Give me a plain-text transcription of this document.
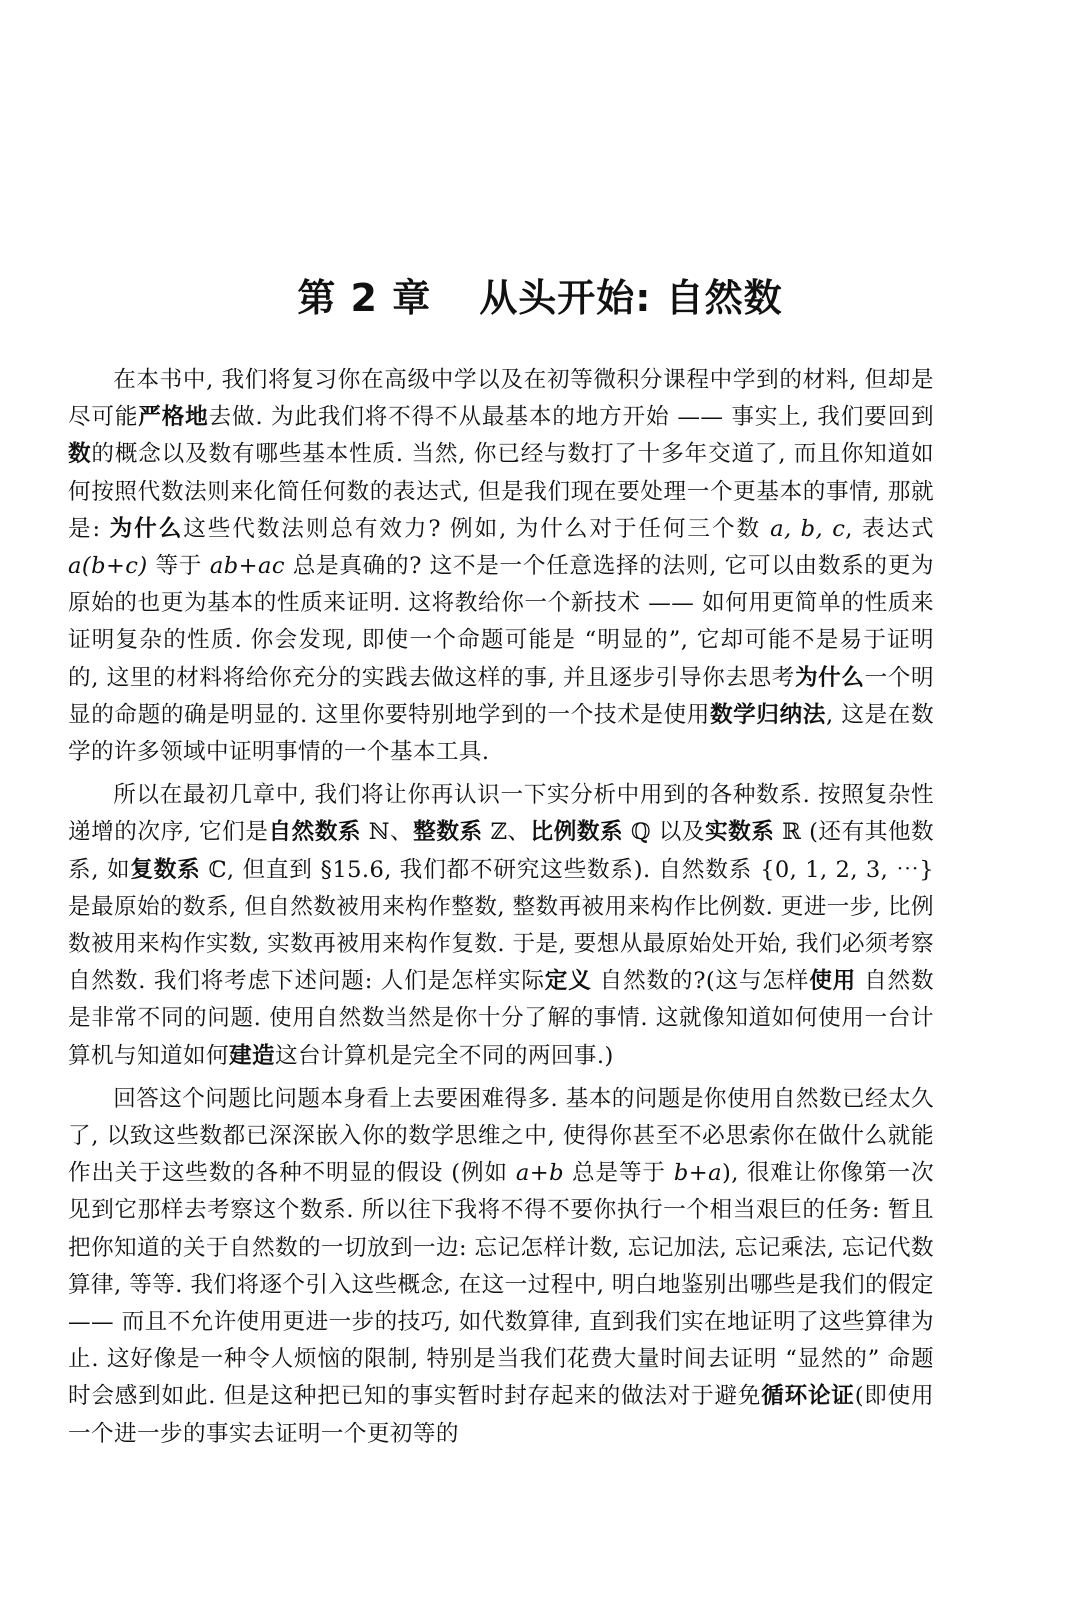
第 2 章 从头开始: 自然数

在本书中, 我们将复习你在高级中学以及在初等微积分课程中学到的材料, 但却是尽可能严格地去做. 为此我们将不得不从最基本的地方开始 —— 事实上, 我们要回到数的概念以及数有哪些基本性质. 当然, 你已经与数打了十多年交道了, 而且你知道如何按照代数法则来化简任何数的表达式, 但是我们现在要处理一个更基本的事情, 那就是: 为什么这些代数法则总有效力? 例如, 为什么对于任何三个数 a, b, c, 表达式 a(b+c) 等于 ab+ac 总是真确的? 这不是一个任意选择的法则, 它可以由数系的更为原始的也更为基本的性质来证明. 这将教给你一个新技术 —— 如何用更简单的性质来证明复杂的性质. 你会发现, 即使一个命题可能是 “明显的”, 它却可能不是易于证明的, 这里的材料将给你充分的实践去做这样的事, 并且逐步引导你去思考为什么一个明显的命题的确是明显的. 这里你要特别地学到的一个技术是使用数学归纳法, 这是在数学的许多领域中证明事情的一个基本工具.

所以在最初几章中, 我们将让你再认识一下实分析中用到的各种数系. 按照复杂性递增的次序, 它们是自然数系 ℕ、整数系 ℤ、比例数系 ℚ 以及实数系 ℝ (还有其他数系, 如复数系 ℂ, 但直到 §15.6, 我们都不研究这些数系). 自然数系 {0, 1, 2, 3, ⋯} 是最原始的数系, 但自然数被用来构作整数, 整数再被用来构作比例数. 更进一步, 比例数被用来构作实数, 实数再被用来构作复数. 于是, 要想从最原始处开始, 我们必须考察自然数. 我们将考虑下述问题: 人们是怎样实际定义 自然数的?(这与怎样使用 自然数是非常不同的问题. 使用自然数当然是你十分了解的事情. 这就像知道如何使用一台计算机与知道如何建造这台计算机是完全不同的两回事.)

回答这个问题比问题本身看上去要困难得多. 基本的问题是你使用自然数已经太久了, 以致这些数都已深深嵌入你的数学思维之中, 使得你甚至不必思索你在做什么就能作出关于这些数的各种不明显的假设 (例如 a+b 总是等于 b+a), 很难让你像第一次见到它那样去考察这个数系. 所以往下我将不得不要你执行一个相当艰巨的任务: 暂且把你知道的关于自然数的一切放到一边: 忘记怎样计数, 忘记加法, 忘记乘法, 忘记代数算律, 等等. 我们将逐个引入这些概念, 在这一过程中, 明白地鉴别出哪些是我们的假定 —— 而且不允许使用更进一步的技巧, 如代数算律, 直到我们实在地证明了这些算律为止. 这好像是一种令人烦恼的限制, 特别是当我们花费大量时间去证明 “显然的” 命题时会感到如此. 但是这种把已知的事实暂时封存起来的做法对于避免循环论证(即使用一个进一步的事实去证明一个更初等的
